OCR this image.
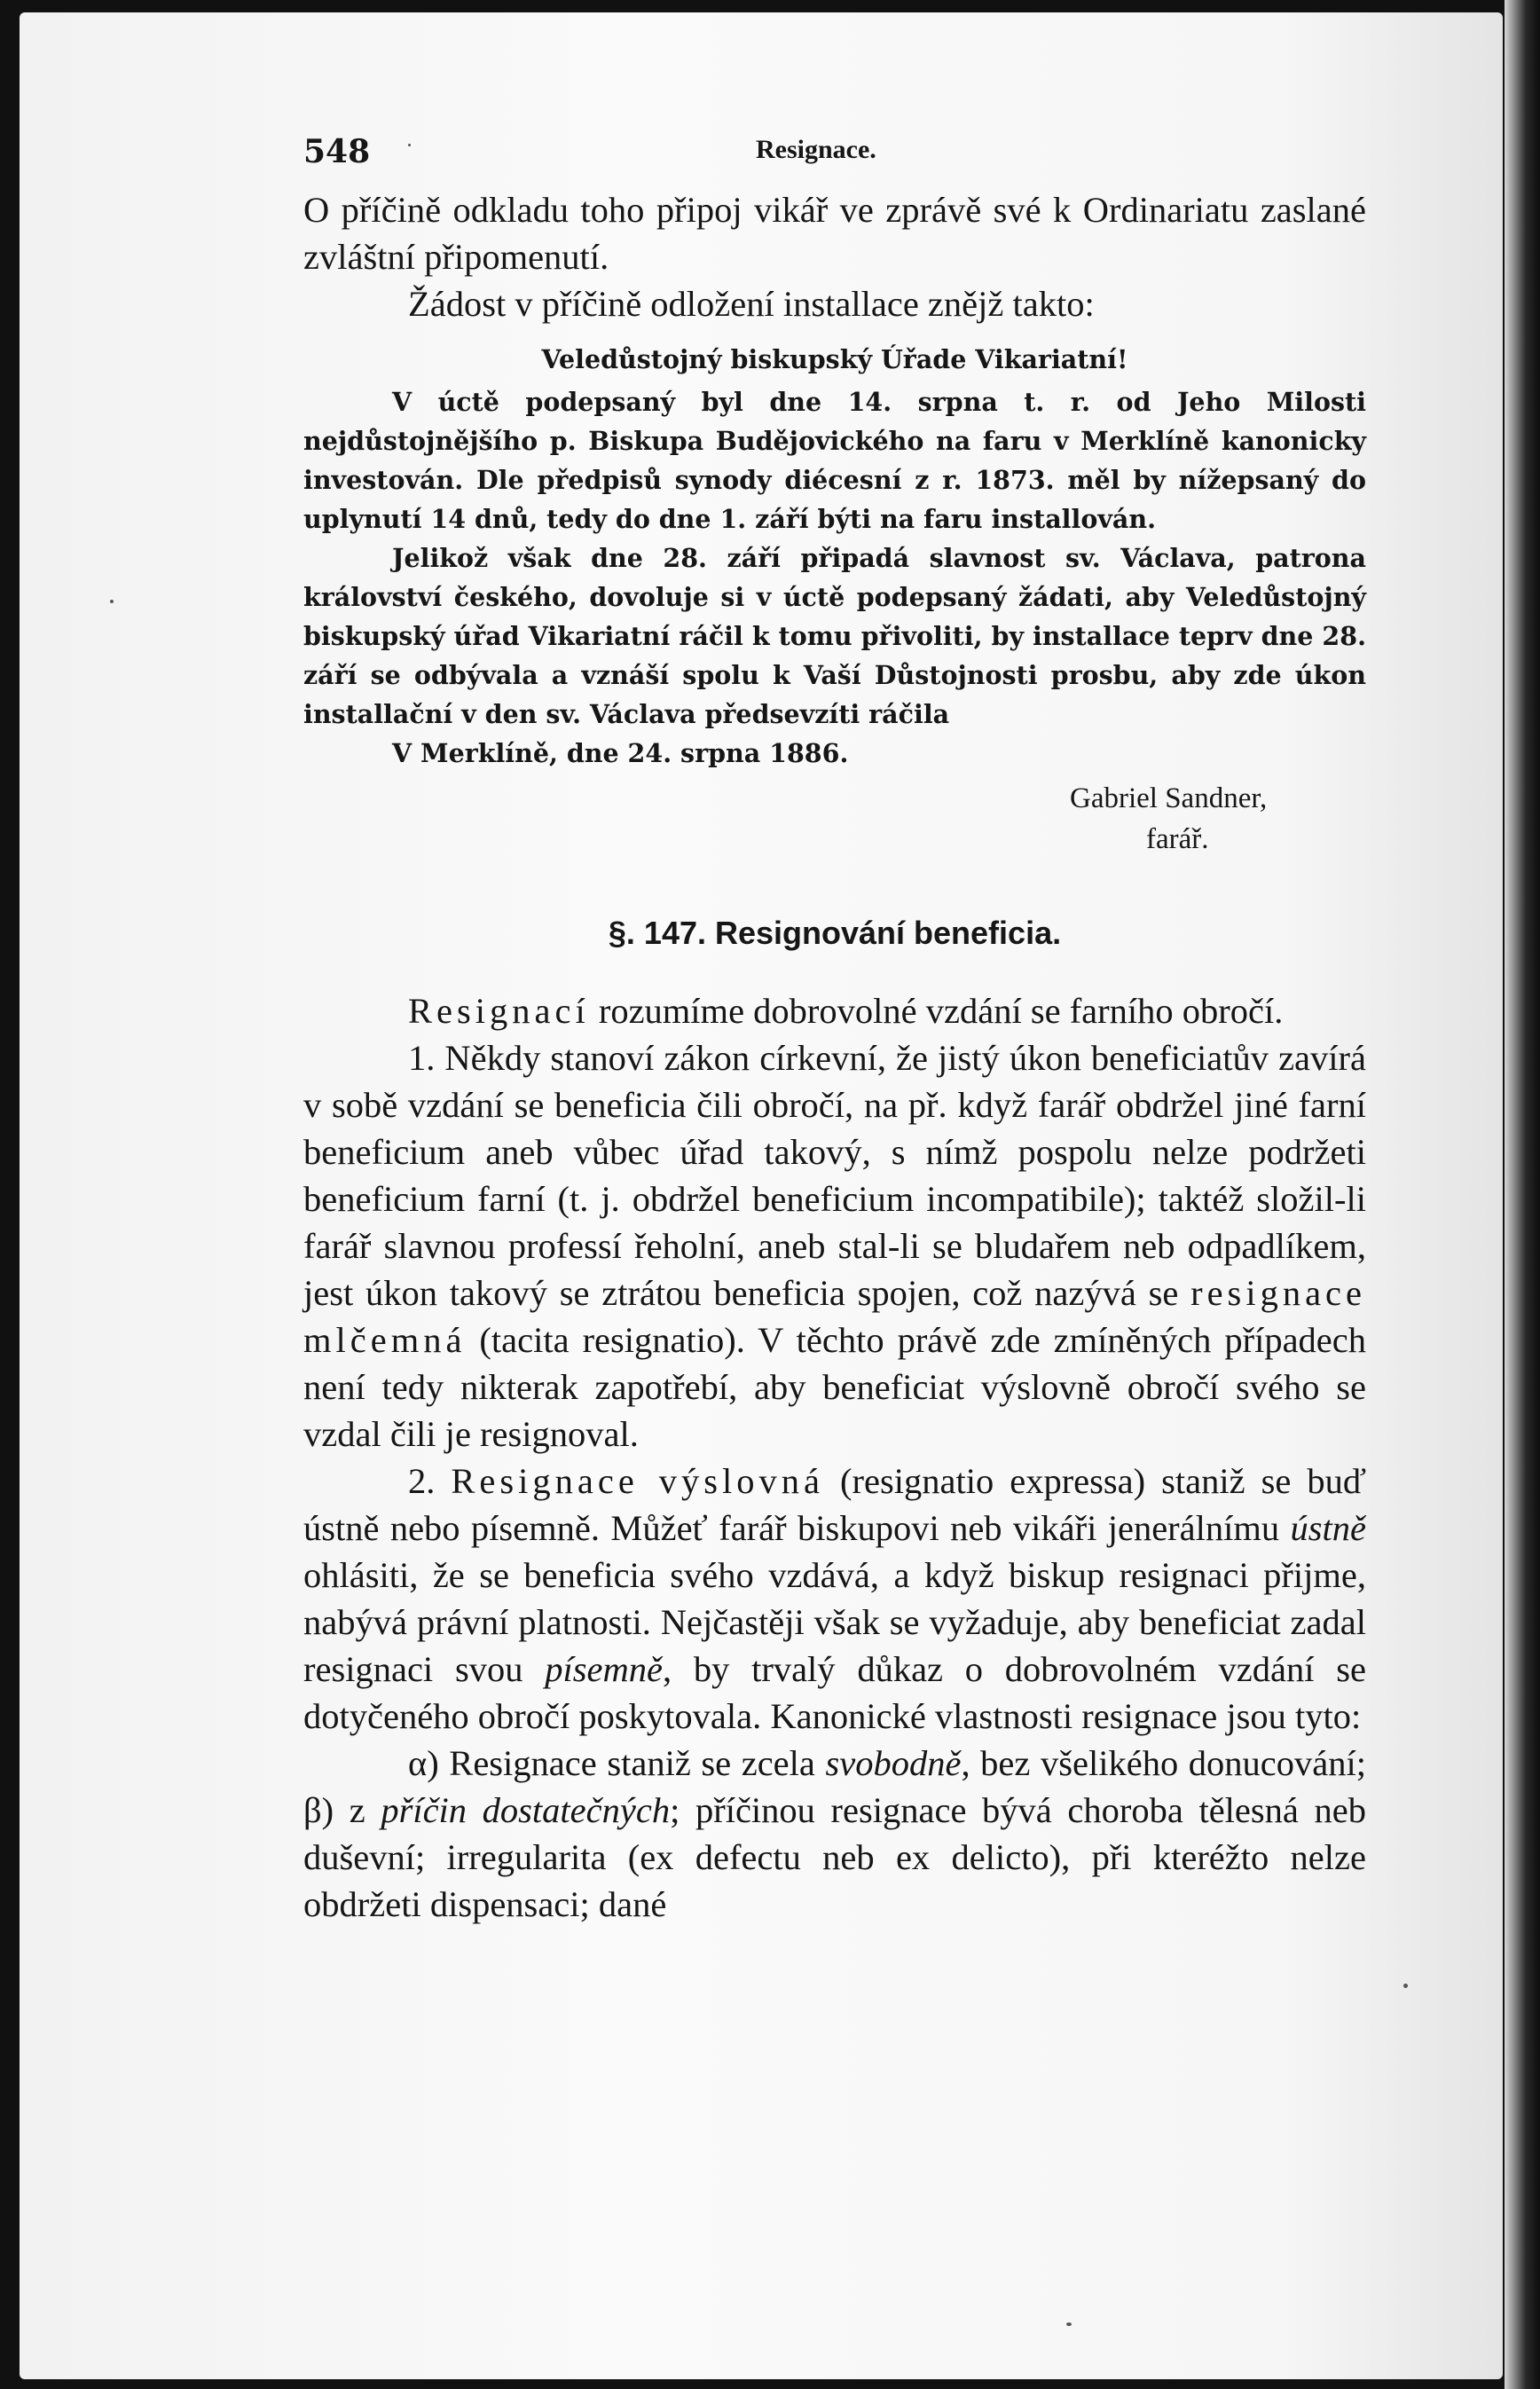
548	Resignace.

O příčině odkladu toho připoj vikář ve zprávě své k Ordinariatu zaslané zvláštní připomenutí.

Žádost v příčině odložení installace znějž takto:

Veledůstojný biskupský Úřade Vikariatní!

V úctě podepsaný byl dne 14. srpna t. r. od Jeho Milosti nejdůstojnějšího p. Biskupa Budějovického na faru v Merklíně kanonicky investován. Dle předpisů synody diécesní z r. 1873. měl by nížepsaný do uplynutí 14 dnů, tedy do dne 1. září býti na faru installován.

Jelikož však dne 28. září připadá slavnost sv. Václava, patrona království českého, dovoluje si v úctě podepsaný žádati, aby Veledůstojný biskupský úřad Vikariatní ráčil k tomu přivoliti, by installace teprv dne 28. září se odbývala a vznáší spolu k Vaší Důstojnosti prosbu, aby zde úkon installační v den sv. Václava předsevzíti ráčila

V Merklíně, dne 24. srpna 1886.

Gabriel Sandner,
farář.
§. 147. Resignování beneficia.

Resignací rozumíme dobrovolné vzdání se farního obročí.

1. Někdy stanoví zákon církevní, že jistý úkon beneficiatův zavírá v sobě vzdání se beneficia čili obročí, na př. když farář obdržel jiné farní beneficium aneb vůbec úřad takový, s nímž pospolu nelze podržeti beneficium farní (t. j. obdržel beneficium incompatibile); taktéž složil-li farář slavnou professí řeholní, aneb stal-li se bludařem neb odpadlíkem, jest úkon takový se ztrátou beneficia spojen, což nazývá se resignace mlčemná (tacita resignatio). V těchto právě zde zmíněných případech není tedy nikterak zapotřebí, aby beneficiat výslovně obročí svého se vzdal čili je resignoval.

2. Resignace výslovná (resignatio expressa) staniž se buď ústně nebo písemně. Můžeť farář biskupovi neb vikáři jenerálnímu ústně ohlásiti, že se beneficia svého vzdává, a když biskup resignaci přijme, nabývá právní platnosti. Nejčastěji však se vyžaduje, aby beneficiat zadal resignaci svou písemně, by trvalý důkaz o dobrovolném vzdání se dotyčeného obročí poskytovala. Kanonické vlastnosti resignace jsou tyto:

α) Resignace staniž se zcela svobodně, bez všelikého donucování; β) z příčin dostatečných; příčinou resignace bývá choroba tělesná neb duševní; irregularita (ex defectu neb ex delicto), při kteréžto nelze obdržeti dispensaci; dané
